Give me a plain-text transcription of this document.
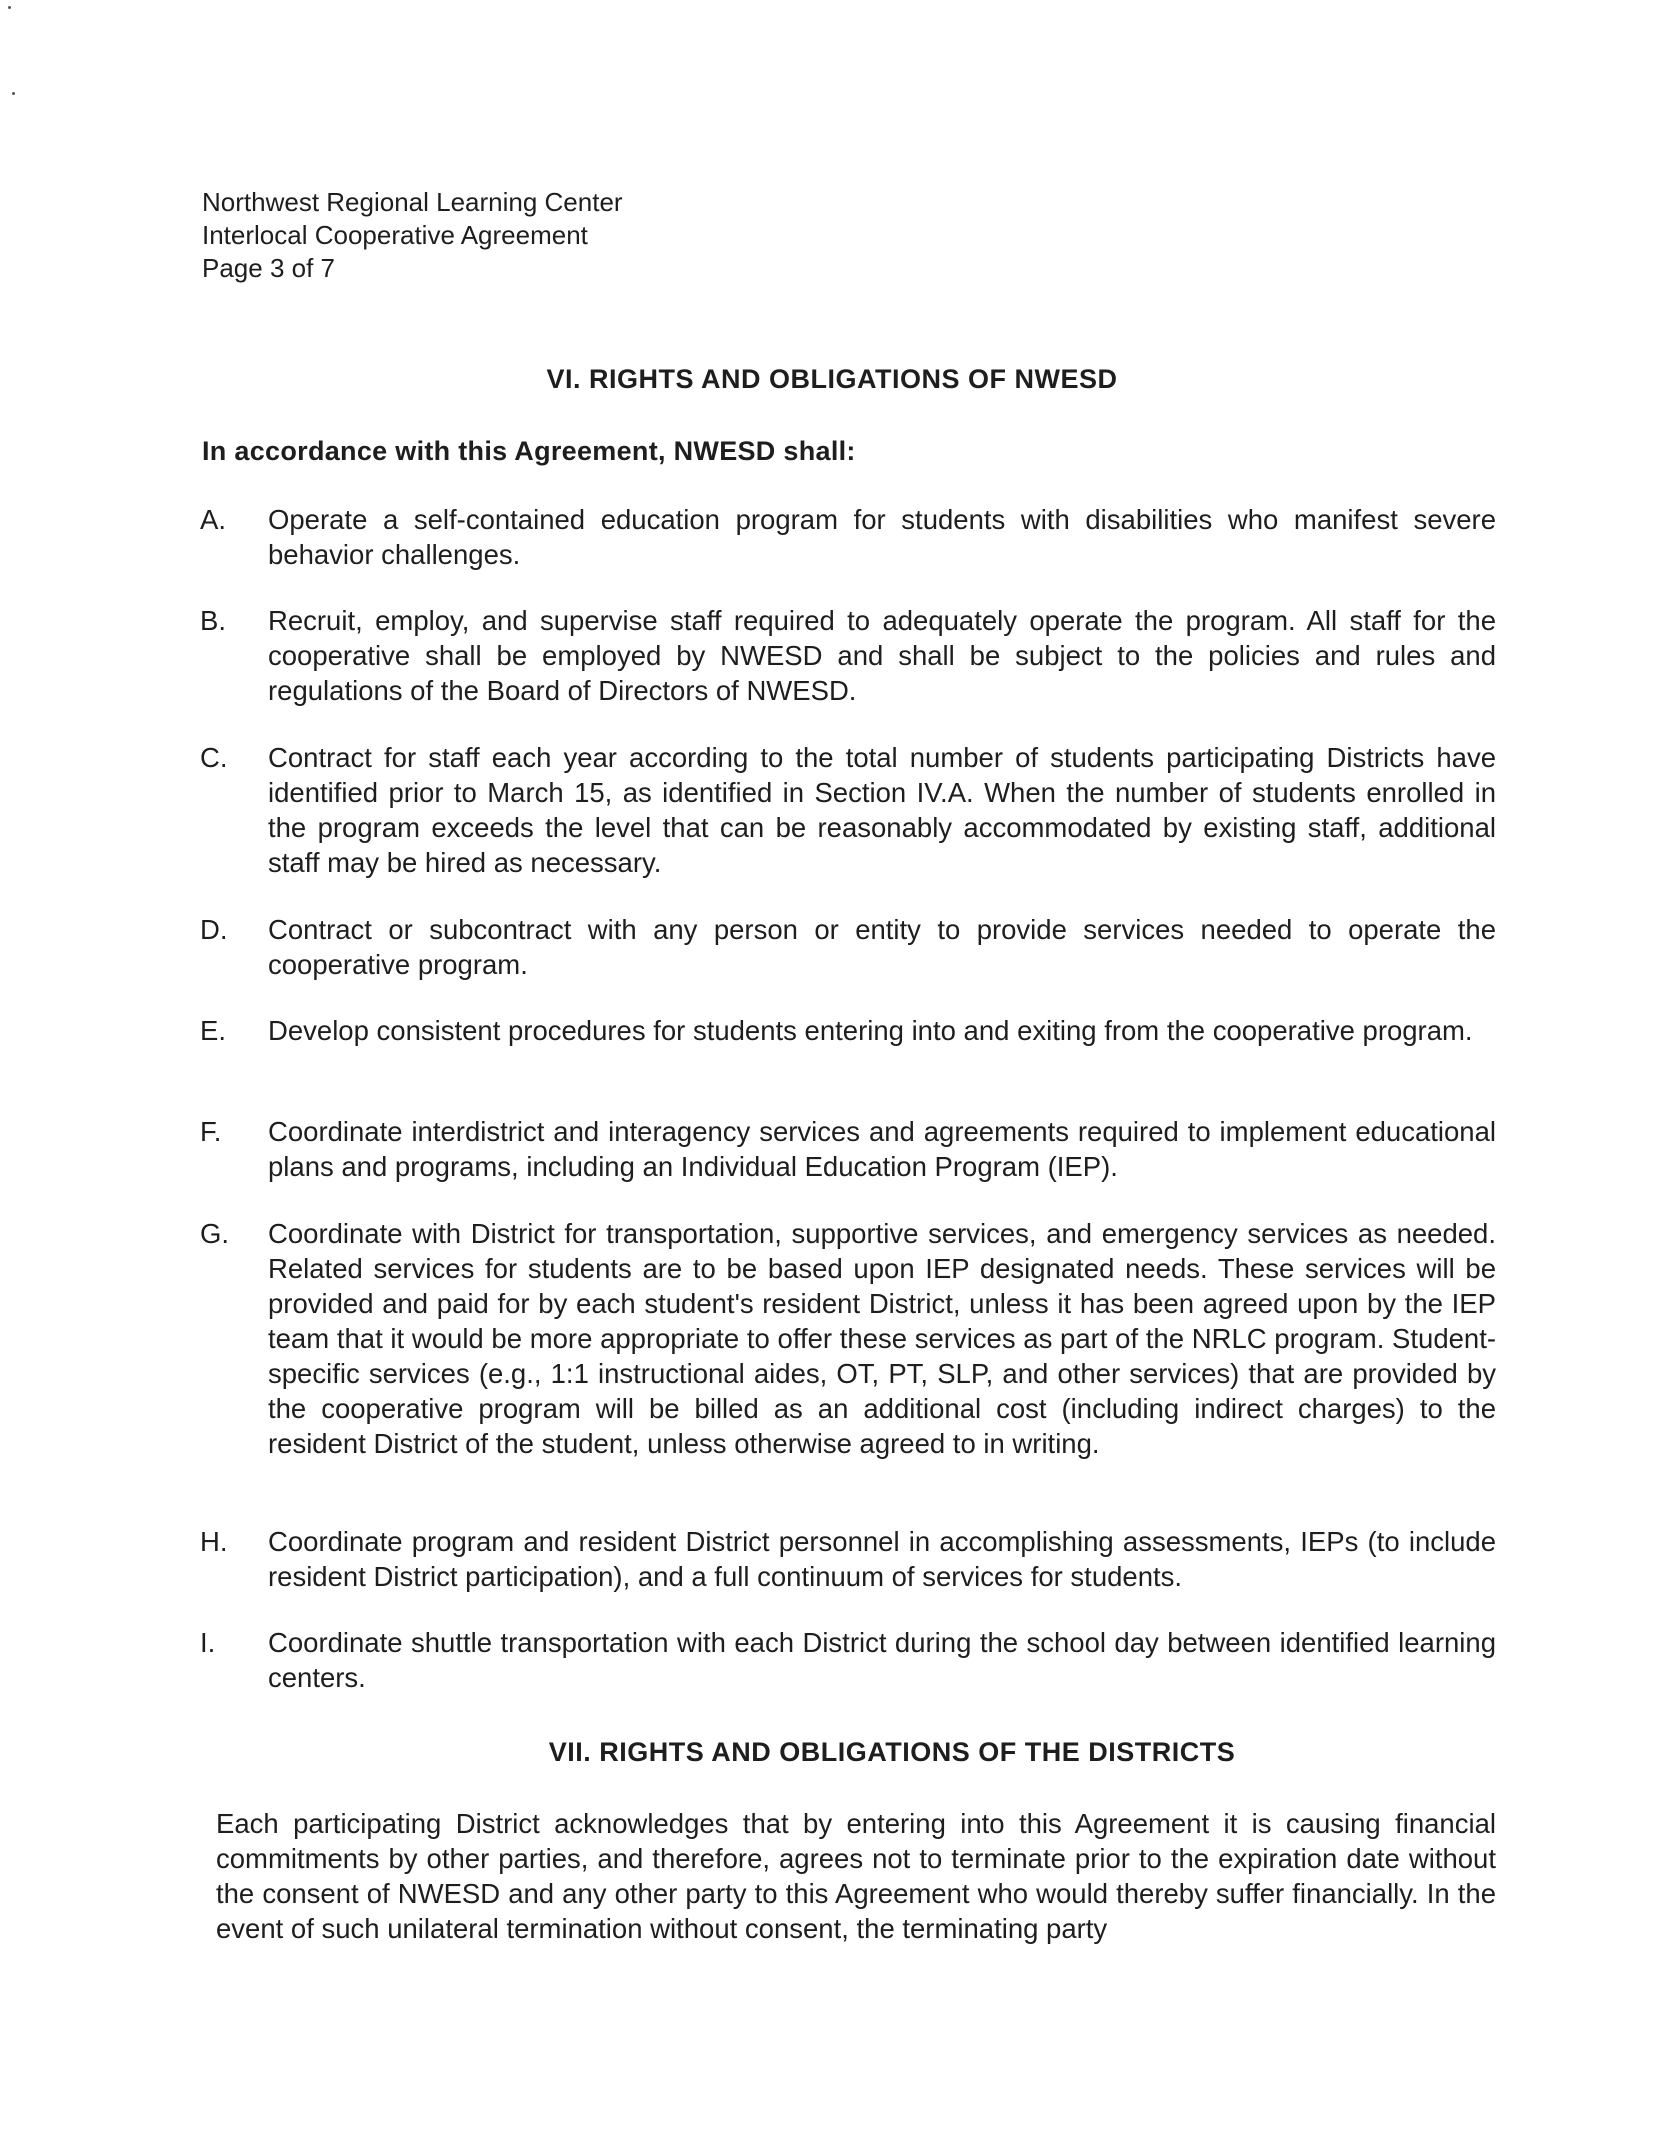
Northwest Regional Learning Center
Interlocal Cooperative Agreement
Page 3 of 7
VI. RIGHTS AND OBLIGATIONS OF NWESD
In accordance with this Agreement, NWESD shall:
A. Operate a self-contained education program for students with disabilities who manifest severe behavior challenges.
B. Recruit, employ, and supervise staff required to adequately operate the program. All staff for the cooperative shall be employed by NWESD and shall be subject to the policies and rules and regulations of the Board of Directors of NWESD.
C. Contract for staff each year according to the total number of students participating Districts have identified prior to March 15, as identified in Section IV.A. When the number of students enrolled in the program exceeds the level that can be reasonably accommodated by existing staff, additional staff may be hired as necessary.
D. Contract or subcontract with any person or entity to provide services needed to operate the cooperative program.
E. Develop consistent procedures for students entering into and exiting from the cooperative program.
F. Coordinate interdistrict and interagency services and agreements required to implement educational plans and programs, including an Individual Education Program (IEP).
G. Coordinate with District for transportation, supportive services, and emergency services as needed. Related services for students are to be based upon IEP designated needs. These services will be provided and paid for by each student's resident District, unless it has been agreed upon by the IEP team that it would be more appropriate to offer these services as part of the NRLC program. Student-specific services (e.g., 1:1 instructional aides, OT, PT, SLP, and other services) that are provided by the cooperative program will be billed as an additional cost (including indirect charges) to the resident District of the student, unless otherwise agreed to in writing.
H. Coordinate program and resident District personnel in accomplishing assessments, IEPs (to include resident District participation), and a full continuum of services for students.
I. Coordinate shuttle transportation with each District during the school day between identified learning centers.
VII. RIGHTS AND OBLIGATIONS OF THE DISTRICTS
Each participating District acknowledges that by entering into this Agreement it is causing financial commitments by other parties, and therefore, agrees not to terminate prior to the expiration date without the consent of NWESD and any other party to this Agreement who would thereby suffer financially. In the event of such unilateral termination without consent, the terminating party
